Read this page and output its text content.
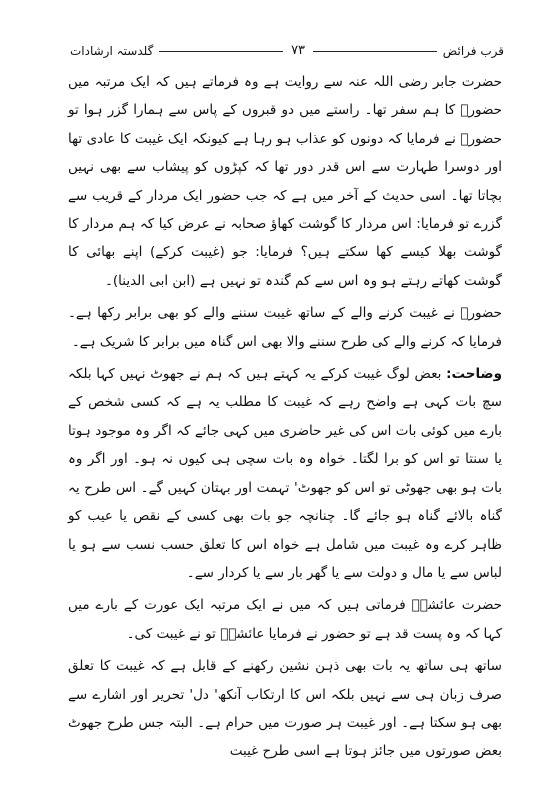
قرب فرائض
۷۳
گلدستہ ارشادات

حضرت جابر رضی اللہ عنہ سے روایت ہے وہ فرماتے ہیں کہ ایک مرتبہ میں حضورؐ کا ہم سفر تھا۔ راستے میں دو قبروں کے پاس سے ہمارا گزر ہوا تو حضورؐ نے فرمایا کہ دونوں کو عذاب ہو رہا ہے کیونکہ ایک غیبت کا عادی تھا اور دوسرا طہارت سے اس قدر دور تھا کہ کپڑوں کو پیشاب سے بھی نہیں بچاتا تھا۔ اسی حدیث کے آخر میں ہے کہ جب حضور ایک مردار کے قریب سے گزرے تو فرمایا: اس مردار کا گوشت کھاؤ صحابہ نے عرض کیا کہ ہم مردار کا گوشت بھلا کیسے کھا سکتے ہیں؟ فرمایا: جو (غیبت کرکے) اپنے بھائی کا گوشت کھاتے رہتے ہو وہ اس سے کم گندہ تو نہیں ہے (ابن ابی الدینا)۔

حضورؐ نے غیبت کرنے والے کے ساتھ غیبت سننے والے کو بھی برابر رکھا ہے۔ فرمایا کہ کرنے والے کی طرح سننے والا بھی اس گناہ میں برابر کا شریک ہے۔

وضاحت: بعض لوگ غیبت کرکے یہ کہتے ہیں کہ ہم نے جھوٹ نہیں کہا بلکہ سچ بات کہی ہے واضح رہے کہ غیبت کا مطلب یہ ہے کہ کسی شخص کے بارے میں کوئی بات اس کی غیر حاضری میں کہی جائے کہ اگر وہ موجود ہوتا یا سنتا تو اس کو برا لگتا۔ خواہ وہ بات سچی ہی کیوں نہ ہو۔ اور اگر وہ بات ہو بھی جھوٹی تو اس کو جھوٹ' تہمت اور بہتان کہیں گے۔ اس طرح یہ گناہ بالائے گناہ ہو جائے گا۔ چنانچہ جو بات بھی کسی کے نقص یا عیب کو ظاہر کرے وہ غیبت میں شامل ہے خواہ اس کا تعلق حسب نسب سے ہو یا لباس سے یا مال و دولت سے یا گھر بار سے یا کردار سے۔

حضرت عائشہؓ فرماتی ہیں کہ میں نے ایک مرتبہ ایک عورت کے بارے میں کہا کہ وہ پست قد ہے تو حضور نے فرمایا عائشہؓ تو نے غیبت کی۔

ساتھ ہی ساتھ یہ بات بھی ذہن نشین رکھنے کے قابل ہے کہ غیبت کا تعلق صرف زبان ہی سے نہیں بلکہ اس کا ارتکاب آنکھ' دل' تحریر اور اشارے سے بھی ہو سکتا ہے۔ اور غیبت ہر صورت میں حرام ہے۔ البتہ جس طرح جھوٹ بعض صورتوں میں جائز ہوتا ہے اسی طرح غیبت
